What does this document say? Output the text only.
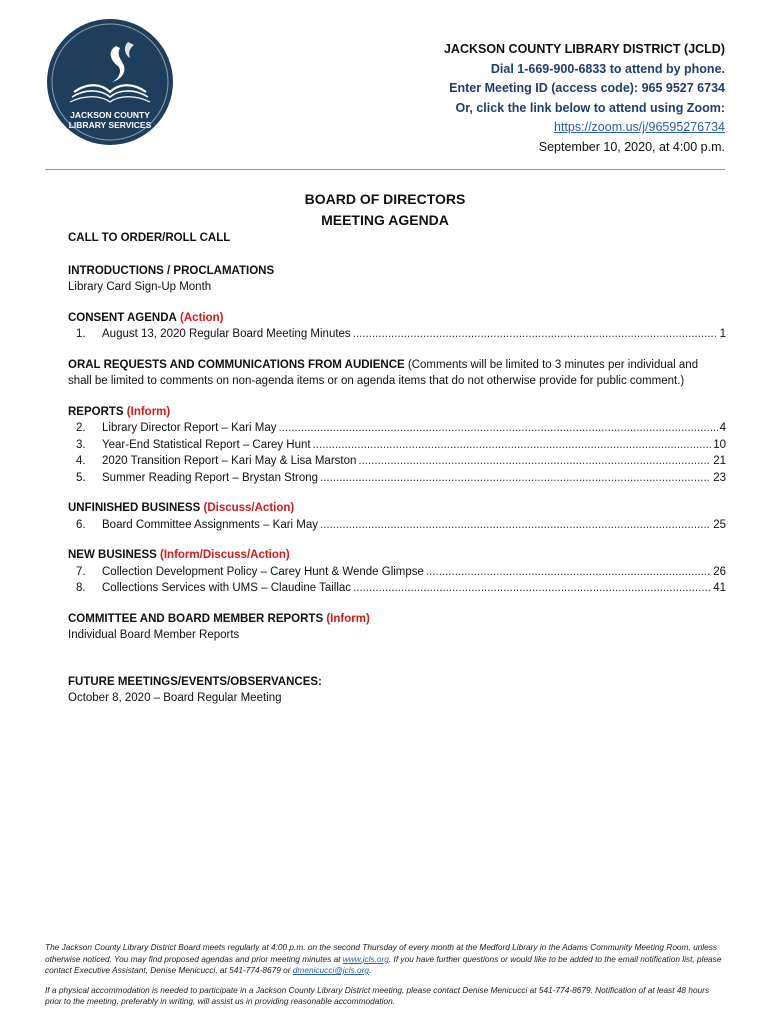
JACKSON COUNTY
LIBRARY SERVICES
JACKSON COUNTY LIBRARY DISTRICT (JCLD)
Dial 1-669-900-6833 to attend by phone.
Enter Meeting ID (access code): 965 9527 6734
Or, click the link below to attend using Zoom:
https://zoom.us/j/96595276734
September 10, 2020, at 4:00 p.m.
BOARD OF DIRECTORS
MEETING AGENDA
CALL TO ORDER/ROLL CALL
INTRODUCTIONS / PROCLAMATIONS
Library Card Sign-Up Month
CONSENT AGENDA (Action)
1.	August 13, 2020 Regular Board Meeting Minutes .....	1
ORAL REQUESTS AND COMMUNICATIONS FROM AUDIENCE (Comments will be limited to 3 minutes per individual and
shall be limited to comments on non-agenda items or on agenda items that do not otherwise provide for public comment.)
REPORTS (Inform)
2.	Library Director Report – Kari May .....	4
3.	Year-End Statistical Report – Carey Hunt .....	10
4.	2020 Transition Report – Kari May & Lisa Marston .....	21
5.	Summer Reading Report – Brystan Strong .....	23
UNFINISHED BUSINESS (Discuss/Action)
6.	Board Committee Assignments – Kari May .....	25
NEW BUSINESS (Inform/Discuss/Action)
7.	Collection Development Policy – Carey Hunt & Wende Glimpse .....	26
8.	Collections Services with UMS – Claudine Taillac .....	41
COMMITTEE AND BOARD MEMBER REPORTS (Inform)
Individual Board Member Reports
FUTURE MEETINGS/EVENTS/OBSERVANCES:
October 8, 2020 – Board Regular Meeting

The Jackson County Library District Board meets regularly at 4:00 p.m. on the second Thursday of every month at the Medford Library in the Adams Community Meeting Room, unless otherwise noticed. You may find proposed agendas and prior meeting minutes at www.jcls.org. If you have further questions or would like to be added to the email notification list, please contact Executive Assistant, Denise Menicucci, at 541-774-8679 or dmenicucci@jcls.org.

If a physical accommodation is needed to participate in a Jackson County Library District meeting, please contact Denise Menicucci at 541-774-8679. Notification of at least 48 hours prior to the meeting, preferably in writing, will assist us in providing reasonable accommodation.
